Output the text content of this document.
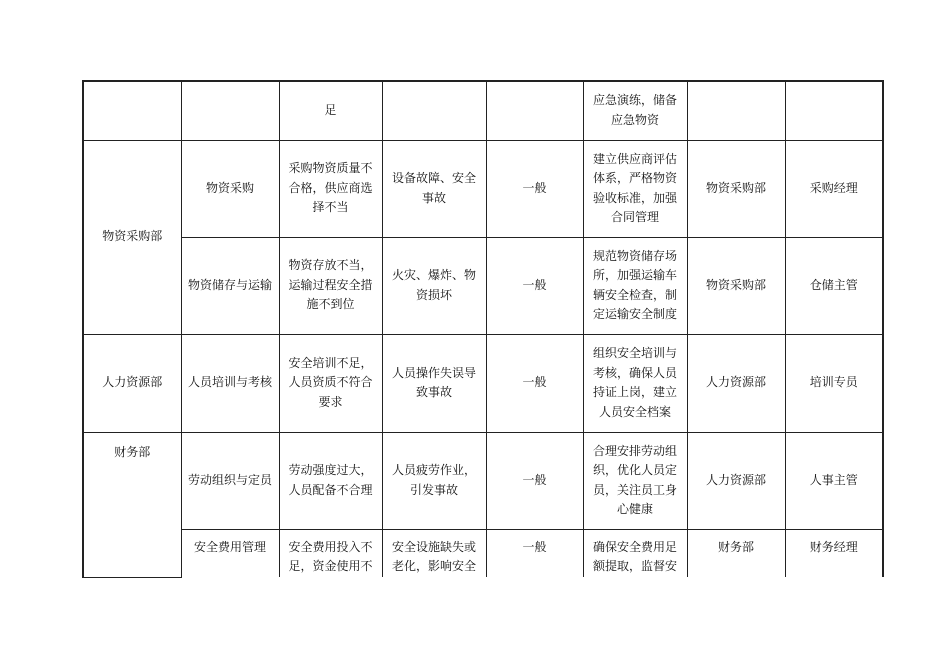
		足			应急演练，储备应急物资		
物资采购部	物资采购	采购物资质量不合格，供应商选择不当	设备故障、安全事故	一般	建立供应商评估体系，严格物资验收标准，加强合同管理	物资采购部	采购经理
	物资储存与运输	物资存放不当，运输过程安全措施不到位	火灾、爆炸、物资损坏	一般	规范物资储存场所，加强运输车辆安全检查，制定运输安全制度	物资采购部	仓储主管
人力资源部	人员培训与考核	安全培训不足，人员资质不符合要求	人员操作失误导致事故	一般	组织安全培训与考核，确保人员持证上岗，建立人员安全档案	人力资源部	培训专员
财务部	劳动组织与定员	劳动强度过大，人员配备不合理	人员疲劳作业，引发事故	一般	合理安排劳动组织，优化人员定员，关注员工身心健康	人力资源部	人事主管
	安全费用管理	安全费用投入不足，资金使用不	安全设施缺失或老化，影响安全	一般	确保安全费用足额提取，监督安	财务部	财务经理
